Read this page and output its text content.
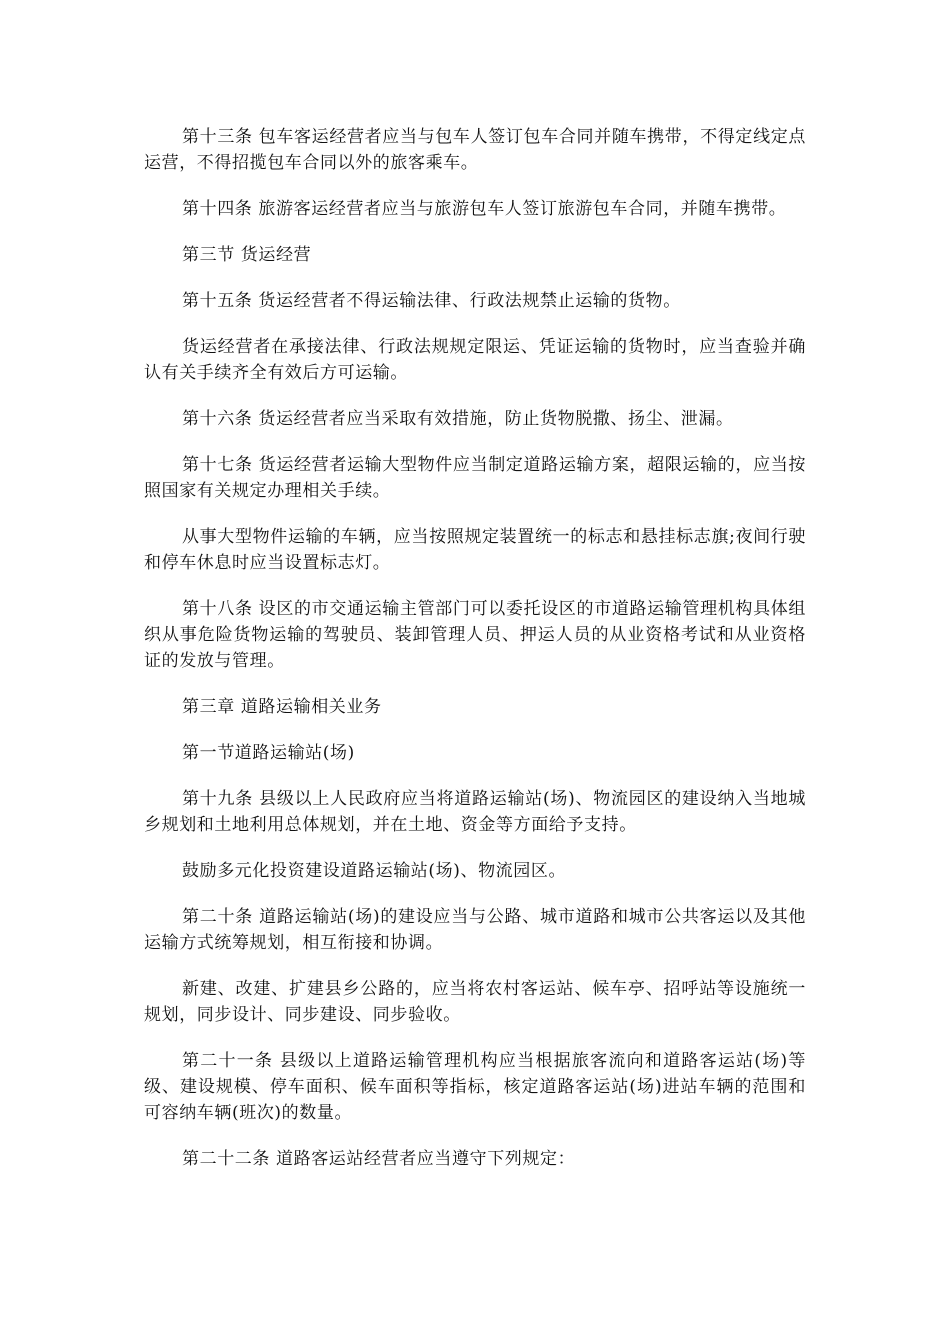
第十三条 包车客运经营者应当与包车人签订包车合同并随车携带，不得定线定点运营，不得招揽包车合同以外的旅客乘车。

第十四条 旅游客运经营者应当与旅游包车人签订旅游包车合同，并随车携带。

第三节 货运经营

第十五条 货运经营者不得运输法律、行政法规禁止运输的货物。

货运经营者在承接法律、行政法规规定限运、凭证运输的货物时，应当查验并确认有关手续齐全有效后方可运输。

第十六条 货运经营者应当采取有效措施，防止货物脱撒、扬尘、泄漏。

第十七条 货运经营者运输大型物件应当制定道路运输方案，超限运输的，应当按照国家有关规定办理相关手续。

从事大型物件运输的车辆，应当按照规定装置统一的标志和悬挂标志旗;夜间行驶和停车休息时应当设置标志灯。

第十八条 设区的市交通运输主管部门可以委托设区的市道路运输管理机构具体组织从事危险货物运输的驾驶员、装卸管理人员、押运人员的从业资格考试和从业资格证的发放与管理。

第三章 道路运输相关业务

第一节道路运输站(场)

第十九条 县级以上人民政府应当将道路运输站(场)、物流园区的建设纳入当地城乡规划和土地利用总体规划，并在土地、资金等方面给予支持。

鼓励多元化投资建设道路运输站(场)、物流园区。

第二十条 道路运输站(场)的建设应当与公路、城市道路和城市公共客运以及其他运输方式统筹规划，相互衔接和协调。

新建、改建、扩建县乡公路的，应当将农村客运站、候车亭、招呼站等设施统一规划，同步设计、同步建设、同步验收。

第二十一条 县级以上道路运输管理机构应当根据旅客流向和道路客运站(场)等级、建设规模、停车面积、候车面积等指标，核定道路客运站(场)进站车辆的范围和可容纳车辆(班次)的数量。

第二十二条 道路客运站经营者应当遵守下列规定：
